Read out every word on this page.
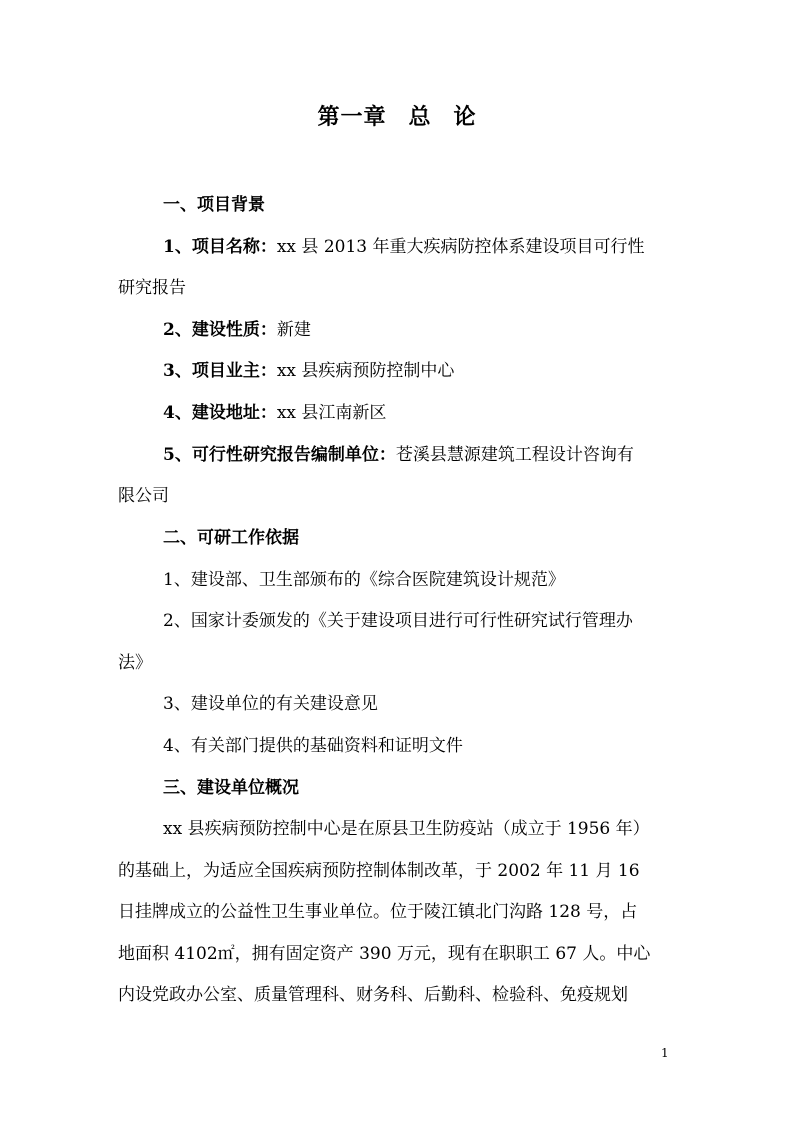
第一章 总 论
一、项目背景
1、项目名称：xx 县 2013 年重大疾病防控体系建设项目可行性
研究报告
2、建设性质：新建
3、项目业主：xx 县疾病预防控制中心
4、建设地址：xx 县江南新区
5、可行性研究报告编制单位：苍溪县慧源建筑工程设计咨询有
限公司
二、可研工作依据
1、建设部、卫生部颁布的《综合医院建筑设计规范》
2、国家计委颁发的《关于建设项目进行可行性研究试行管理办
法》
3、建设单位的有关建设意见
4、有关部门提供的基础资料和证明文件
三、建设单位概况
xx 县疾病预防控制中心是在原县卫生防疫站（成立于 1956 年）
的基础上，为适应全国疾病预防控制体制改革，于 2002 年 11 月 16
日挂牌成立的公益性卫生事业单位。位于陵江镇北门沟路 128 号，占
地面积 4102㎡，拥有固定资产 390 万元，现有在职职工 67 人。中心
内设党政办公室、质量管理科、财务科、后勤科、检验科、免疫规划
1
